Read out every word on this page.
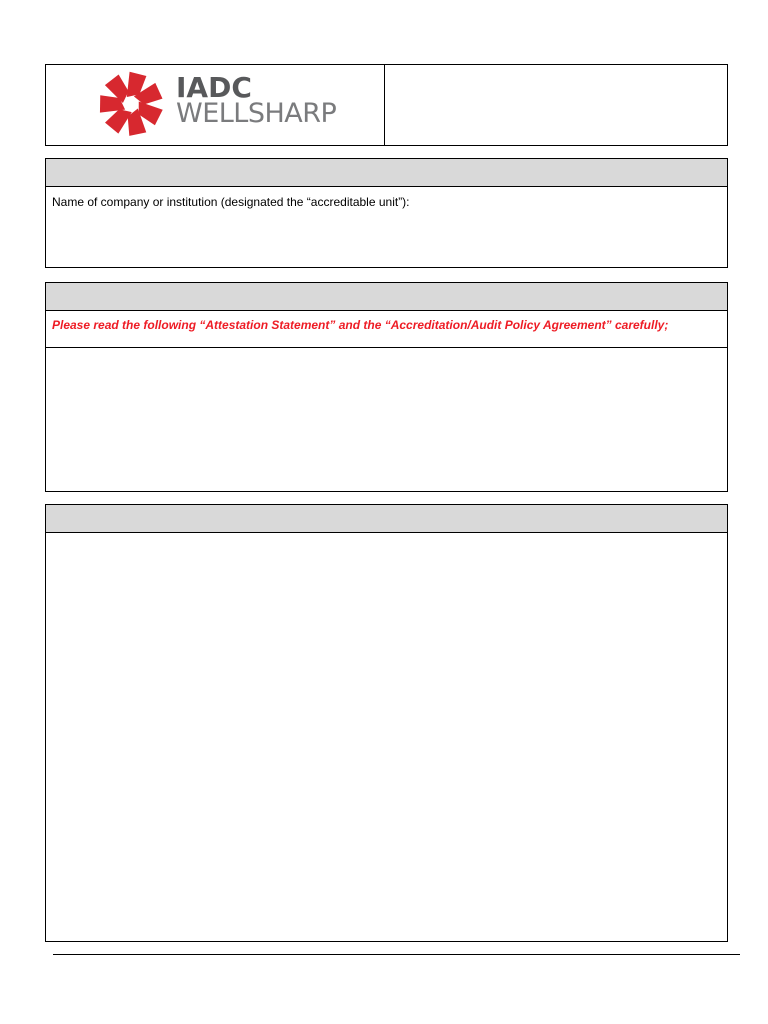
IADC
WELLSHARP
Name of company or institution (designated the “accreditable unit”):
Please read the following “Attestation Statement” and the “Accreditation/Audit Policy Agreement” carefully;
